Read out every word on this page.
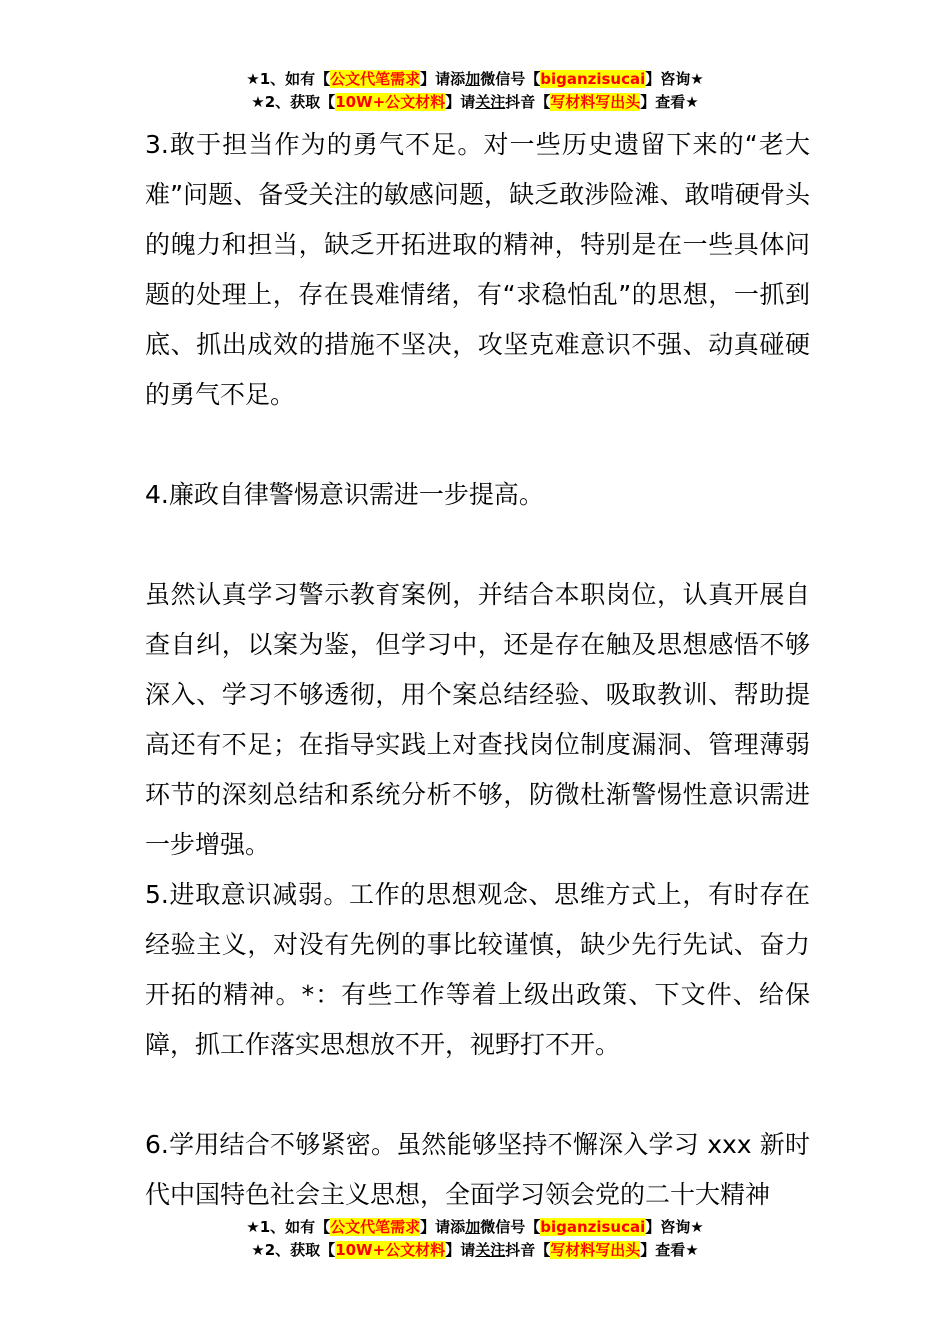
★1、如有【公文代笔需求】请添加微信号【biganzisucai】咨询★
★2、获取【10W+公文材料】请关注抖音【写材料写出头】查看★

3.敢于担当作为的勇气不足。对一些历史遗留下来的“老大难”问题、备受关注的敏感问题，缺乏敢涉险滩、敢啃硬骨头的魄力和担当，缺乏开拓进取的精神，特别是在一些具体问题的处理上，存在畏难情绪，有“求稳怕乱”的思想，一抓到底、抓出成效的措施不坚决，攻坚克难意识不强、动真碰硬的勇气不足。

4.廉政自律警惕意识需进一步提高。

虽然认真学习警示教育案例，并结合本职岗位，认真开展自查自纠，以案为鉴，但学习中，还是存在触及思想感悟不够深入、学习不够透彻，用个案总结经验、吸取教训、帮助提高还有不足；在指导实践上对查找岗位制度漏洞、管理薄弱环节的深刻总结和系统分析不够，防微杜渐警惕性意识需进一步增强。

5.进取意识减弱。工作的思想观念、思维方式上，有时存在经验主义，对没有先例的事比较谨慎，缺少先行先试、奋力开拓的精神。*：有些工作等着上级出政策、下文件、给保障，抓工作落实思想放不开，视野打不开。

6.学用结合不够紧密。虽然能够坚持不懈深入学习 xxx 新时代中国特色社会主义思想，全面学习领会党的二十大精神

★1、如有【公文代笔需求】请添加微信号【biganzisucai】咨询★
★2、获取【10W+公文材料】请关注抖音【写材料写出头】查看★
